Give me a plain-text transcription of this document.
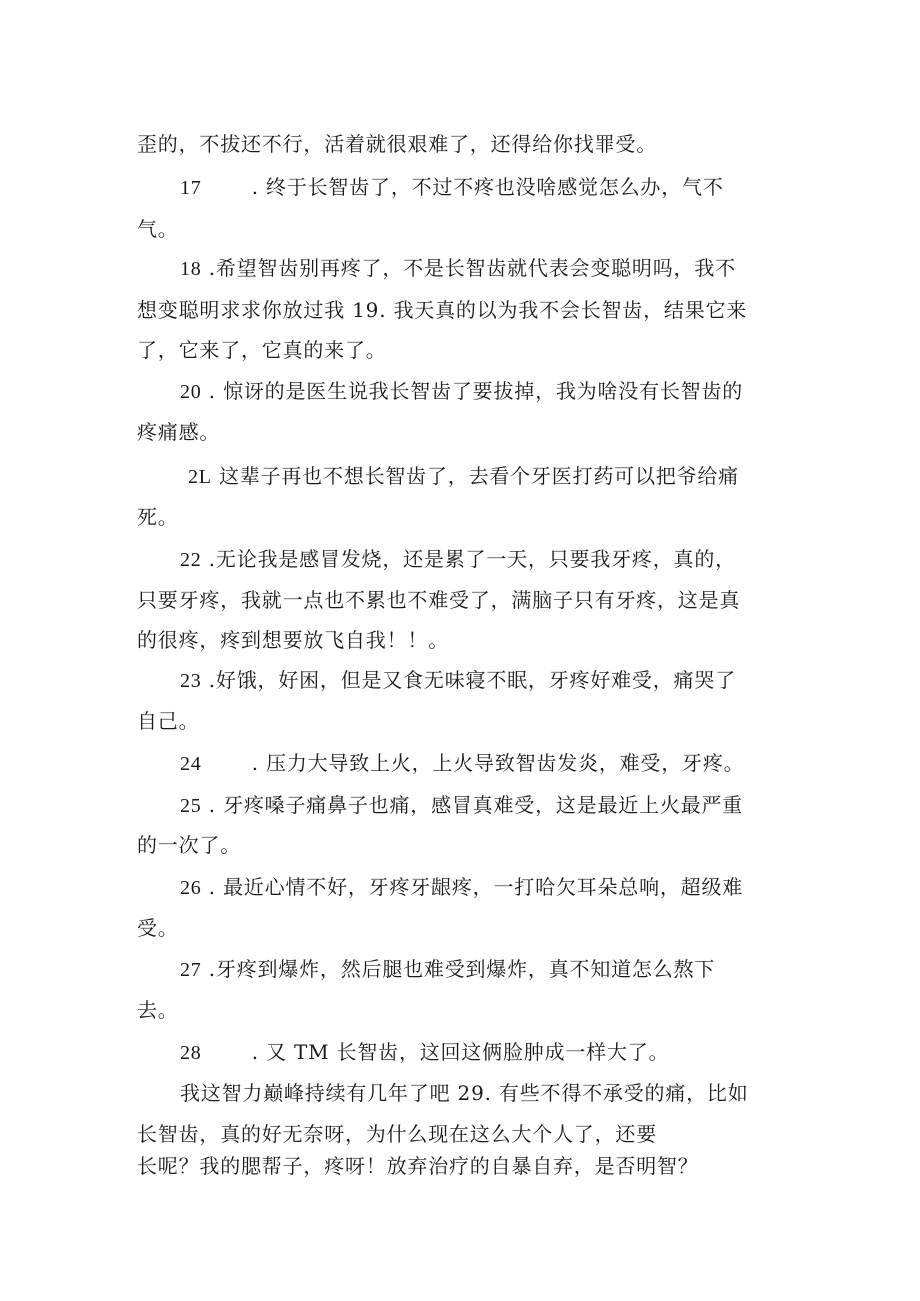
歪的，不拔还不行，活着就很艰难了，还得给你找罪受。
17       . 终于长智齿了，不过不疼也没啥感觉怎么办，气不
气。
18 .希望智齿别再疼了，不是长智齿就代表会变聪明吗，我不
想变聪明求求你放过我 19. 我天真的以为我不会长智齿，结果它来
了，它来了，它真的来了。
20 . 惊讶的是医生说我长智齿了要拔掉，我为啥没有长智齿的
疼痛感。
2L 这辈子再也不想长智齿了，去看个牙医打药可以把爷给痛
死。
22 .无论我是感冒发烧，还是累了一天，只要我牙疼，真的，
只要牙疼，我就一点也不累也不难受了，满脑子只有牙疼，这是真
的很疼，疼到想要放飞自我！！。
23 .好饿，好困，但是又食无味寝不眠，牙疼好难受，痛哭了
自己。
24       . 压力大导致上火，上火导致智齿发炎，难受，牙疼。
25 . 牙疼嗓子痛鼻子也痛，感冒真难受，这是最近上火最严重
的一次了。
26 . 最近心情不好，牙疼牙龈疼，一打哈欠耳朵总响，超级难
受。
27 .牙疼到爆炸，然后腿也难受到爆炸，真不知道怎么熬下
去。
28       . 又 TM 长智齿，这回这俩脸肿成一样大了。
我这智力巅峰持续有几年了吧 29. 有些不得不承受的痛，比如
长智齿，真的好无奈呀，为什么现在这么大个人了，还要
长呢？我的腮帮子，疼呀！放弃治疗的自暴自弃，是否明智？
